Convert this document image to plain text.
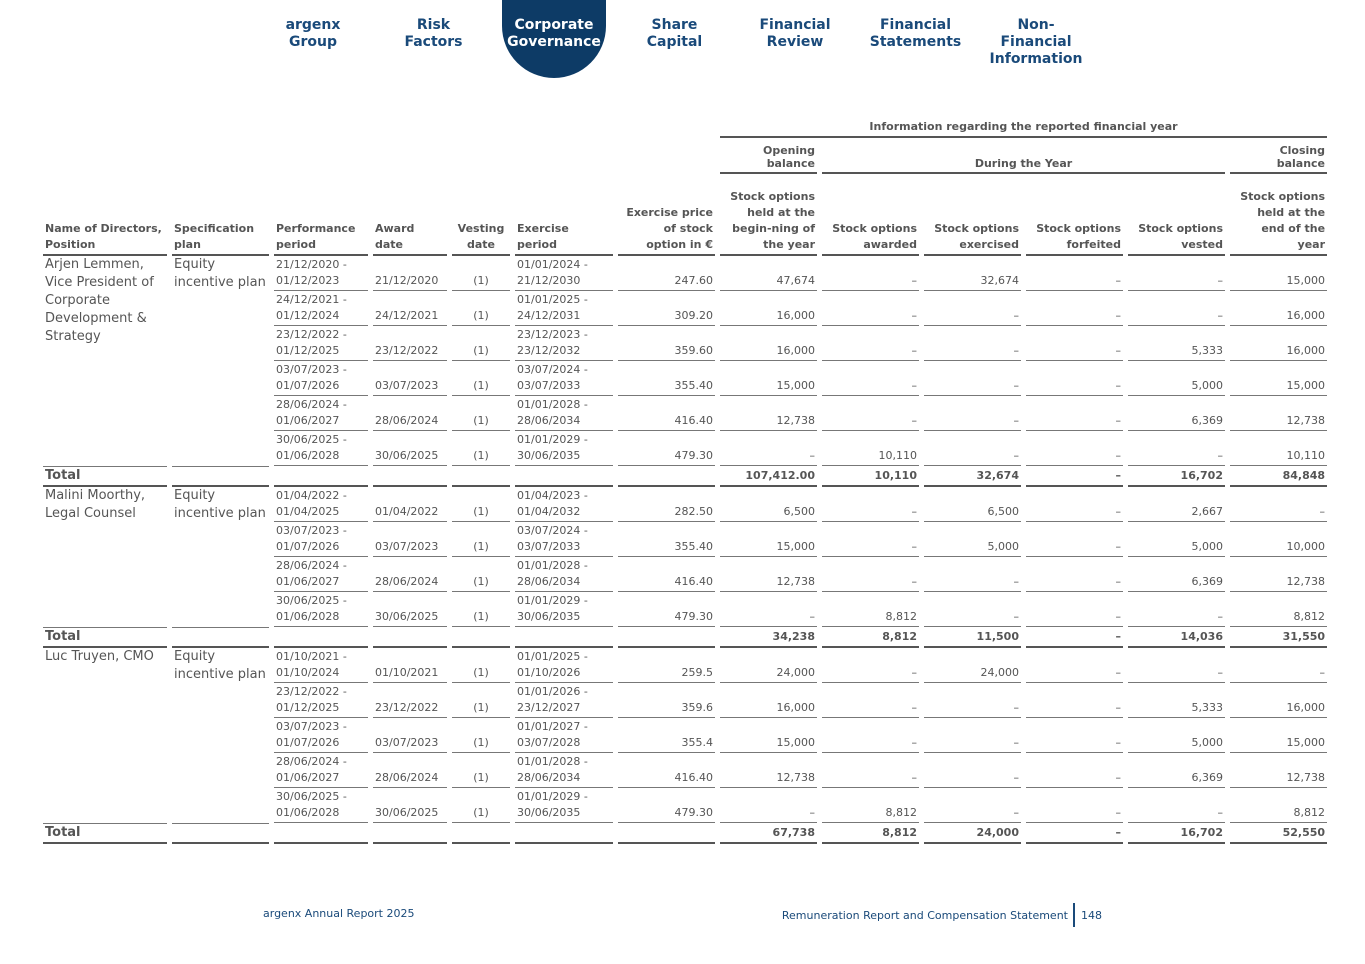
argenx
Group
Risk
Factors
Corporate
Governance
Share
Capital
Financial
Review
Financial
Statements
Non-Financial
Information
							Information regarding the reported financial year					
							Opening balance	During the Year				Closing balance
Name of Directors, Position	Specification plan	Performance period	Award date	Vesting date	Exercise period	Exercise price of stock option in €	Stock options held at the begin-ning of the year	Stock options awarded	Stock options exercised	Stock options forfeited	Stock options vested	Stock options held at the end of the year
Arjen Lemmen, Vice President of Corporate Development & Strategy	Equity incentive plan	21/12/2020 - 01/12/2023	21/12/2020	(1)	01/01/2024 - 21/12/2030	247.60	47,674	–	32,674	–	–	15,000
		24/12/2021 - 01/12/2024	24/12/2021	(1)	01/01/2025 - 24/12/2031	309.20	16,000	–	–	–	–	16,000
		23/12/2022 - 01/12/2025	23/12/2022	(1)	23/12/2023 - 23/12/2032	359.60	16,000	–	–	–	5,333	16,000
		03/07/2023 - 01/07/2026	03/07/2023	(1)	03/07/2024 - 03/07/2033	355.40	15,000	–	–	–	5,000	15,000
		28/06/2024 - 01/06/2027	28/06/2024	(1)	01/01/2028 - 28/06/2034	416.40	12,738	–	–	–	6,369	12,738
		30/06/2025 - 01/06/2028	30/06/2025	(1)	01/01/2029 - 30/06/2035	479.30	–	10,110	–	–	–	10,110
Total							107,412.00	10,110	32,674	–	16,702	84,848
Malini Moorthy, Legal Counsel	Equity incentive plan	01/04/2022 - 01/04/2025	01/04/2022	(1)	01/04/2023 - 01/04/2032	282.50	6,500	–	6,500	–	2,667	–
		03/07/2023 - 01/07/2026	03/07/2023	(1)	03/07/2024 - 03/07/2033	355.40	15,000	–	5,000	–	5,000	10,000
		28/06/2024 - 01/06/2027	28/06/2024	(1)	01/01/2028 - 28/06/2034	416.40	12,738	–	–	–	6,369	12,738
		30/06/2025 - 01/06/2028	30/06/2025	(1)	01/01/2029 - 30/06/2035	479.30	–	8,812	–	–	–	8,812
Total							34,238	8,812	11,500	–	14,036	31,550
Luc Truyen, CMO	Equity incentive plan	01/10/2021 - 01/10/2024	01/10/2021	(1)	01/01/2025 - 01/10/2026	259.5	24,000	–	24,000	–	–	–
		23/12/2022 - 01/12/2025	23/12/2022	(1)	01/01/2026 - 23/12/2027	359.6	16,000	–	–	–	5,333	16,000
		03/07/2023 - 01/07/2026	03/07/2023	(1)	01/01/2027 - 03/07/2028	355.4	15,000	–	–	–	5,000	15,000
		28/06/2024 - 01/06/2027	28/06/2024	(1)	01/01/2028 - 28/06/2034	416.40	12,738	–	–	–	6,369	12,738
		30/06/2025 - 01/06/2028	30/06/2025	(1)	01/01/2029 - 30/06/2035	479.30	–	8,812	–	–	–	8,812
Total							67,738	8,812	24,000	–	16,702	52,550
argenx Annual Report 2025	Remuneration Report and Compensation Statement 148
